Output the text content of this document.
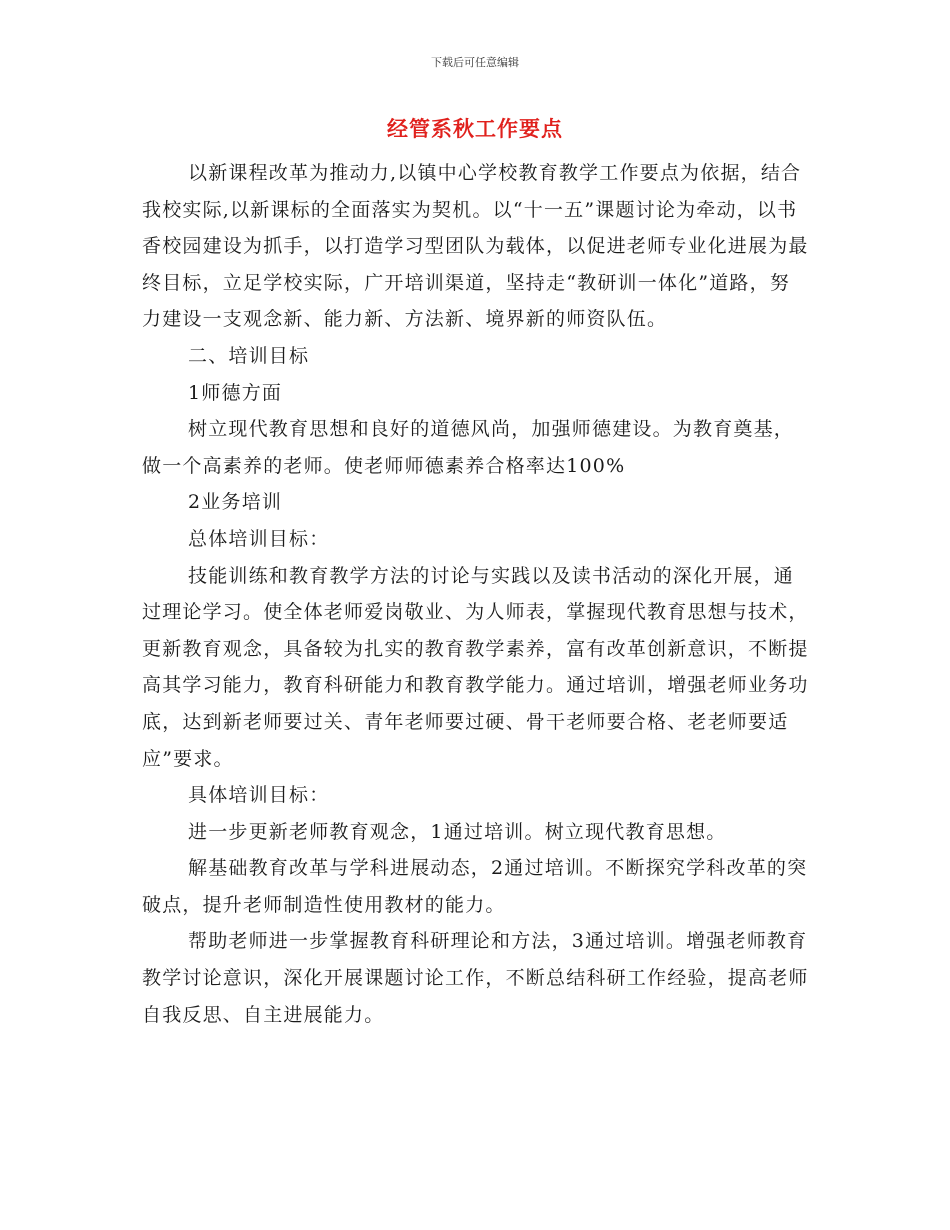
下载后可任意编辑
经管系秋工作要点

以新课程改革为推动力,以镇中心学校教育教学工作要点为依据，结合我校实际,以新课标的全面落实为契机。以“十一五”课题讨论为牵动，以书香校园建设为抓手，以打造学习型团队为载体，以促进老师专业化进展为最终目标，立足学校实际，广开培训渠道，坚持走“教研训一体化”道路，努力建设一支观念新、能力新、方法新、境界新的师资队伍。

二、培训目标

1师德方面

树立现代教育思想和良好的道德风尚，加强师德建设。为教育奠基，做一个高素养的老师。使老师师德素养合格率达100%

2业务培训

总体培训目标：

技能训练和教育教学方法的讨论与实践以及读书活动的深化开展，通过理论学习。使全体老师爱岗敬业、为人师表，掌握现代教育思想与技术，更新教育观念，具备较为扎实的教育教学素养，富有改革创新意识，不断提高其学习能力，教育科研能力和教育教学能力。通过培训，增强老师业务功底，达到新老师要过关、青年老师要过硬、骨干老师要合格、老老师要适应”要求。

具体培训目标：

进一步更新老师教育观念，1通过培训。树立现代教育思想。

解基础教育改革与学科进展动态，2通过培训。不断探究学科改革的突破点，提升老师制造性使用教材的能力。

帮助老师进一步掌握教育科研理论和方法，3通过培训。增强老师教育教学讨论意识，深化开展课题讨论工作，不断总结科研工作经验，提高老师自我反思、自主进展能力。
